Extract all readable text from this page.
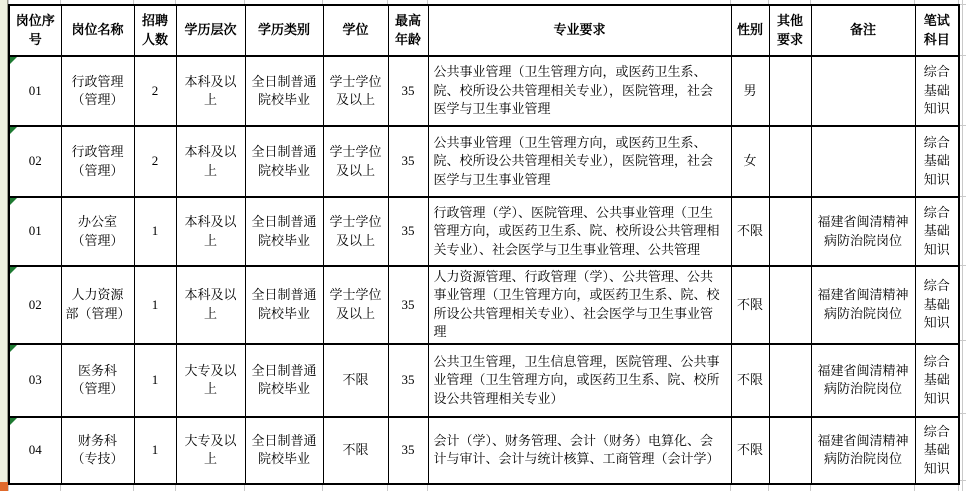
岗位序号	岗位名称	招聘人数	学历层次	学历类别	学位	最高年龄	专业要求	性别	其他要求	备注	笔试科目

01	行政管理（管理）	2	本科及以上	全日制普通院校毕业	学士学位及以上	35	公共事业管理（卫生管理方向，或医药卫生系、院、校所设公共管理相关专业），医院管理，社会医学与卫生事业管理	男			综合基础知识

02	行政管理（管理）	2	本科及以上	全日制普通院校毕业	学士学位及以上	35	公共事业管理（卫生管理方向，或医药卫生系、院、校所设公共管理相关专业），医院管理，社会医学与卫生事业管理	女			综合基础知识

01	办公室（管理）	1	本科及以上	全日制普通院校毕业	学士学位及以上	35	行政管理（学）、医院管理、公共事业管理（卫生管理方向，或医药卫生系、院、校所设公共管理相关专业）、社会医学与卫生事业管理、公共管理	不限		福建省闽清精神病防治院岗位	综合基础知识

02	人力资源部（管理）	1	本科及以上	全日制普通院校毕业	学士学位及以上	35	人力资源管理、行政管理（学）、公共管理、公共事业管理（卫生管理方向，或医药卫生系、院、校所设公共管理相关专业）、社会医学与卫生事业管理	不限		福建省闽清精神病防治院岗位	综合基础知识

03	医务科（管理）	1	大专及以上	全日制普通院校毕业	不限	35	公共卫生管理，卫生信息管理，医院管理、公共事业管理（卫生管理方向，或医药卫生系、院、校所设公共管理相关专业）	不限		福建省闽清精神病防治院岗位	综合基础知识

04	财务科（专技）	1	大专及以上	全日制普通院校毕业	不限	35	会计（学）、财务管理、会计（财务）电算化、会计与审计、会计与统计核算、工商管理（会计学）	不限		福建省闽清精神病防治院岗位	综合基础知识
